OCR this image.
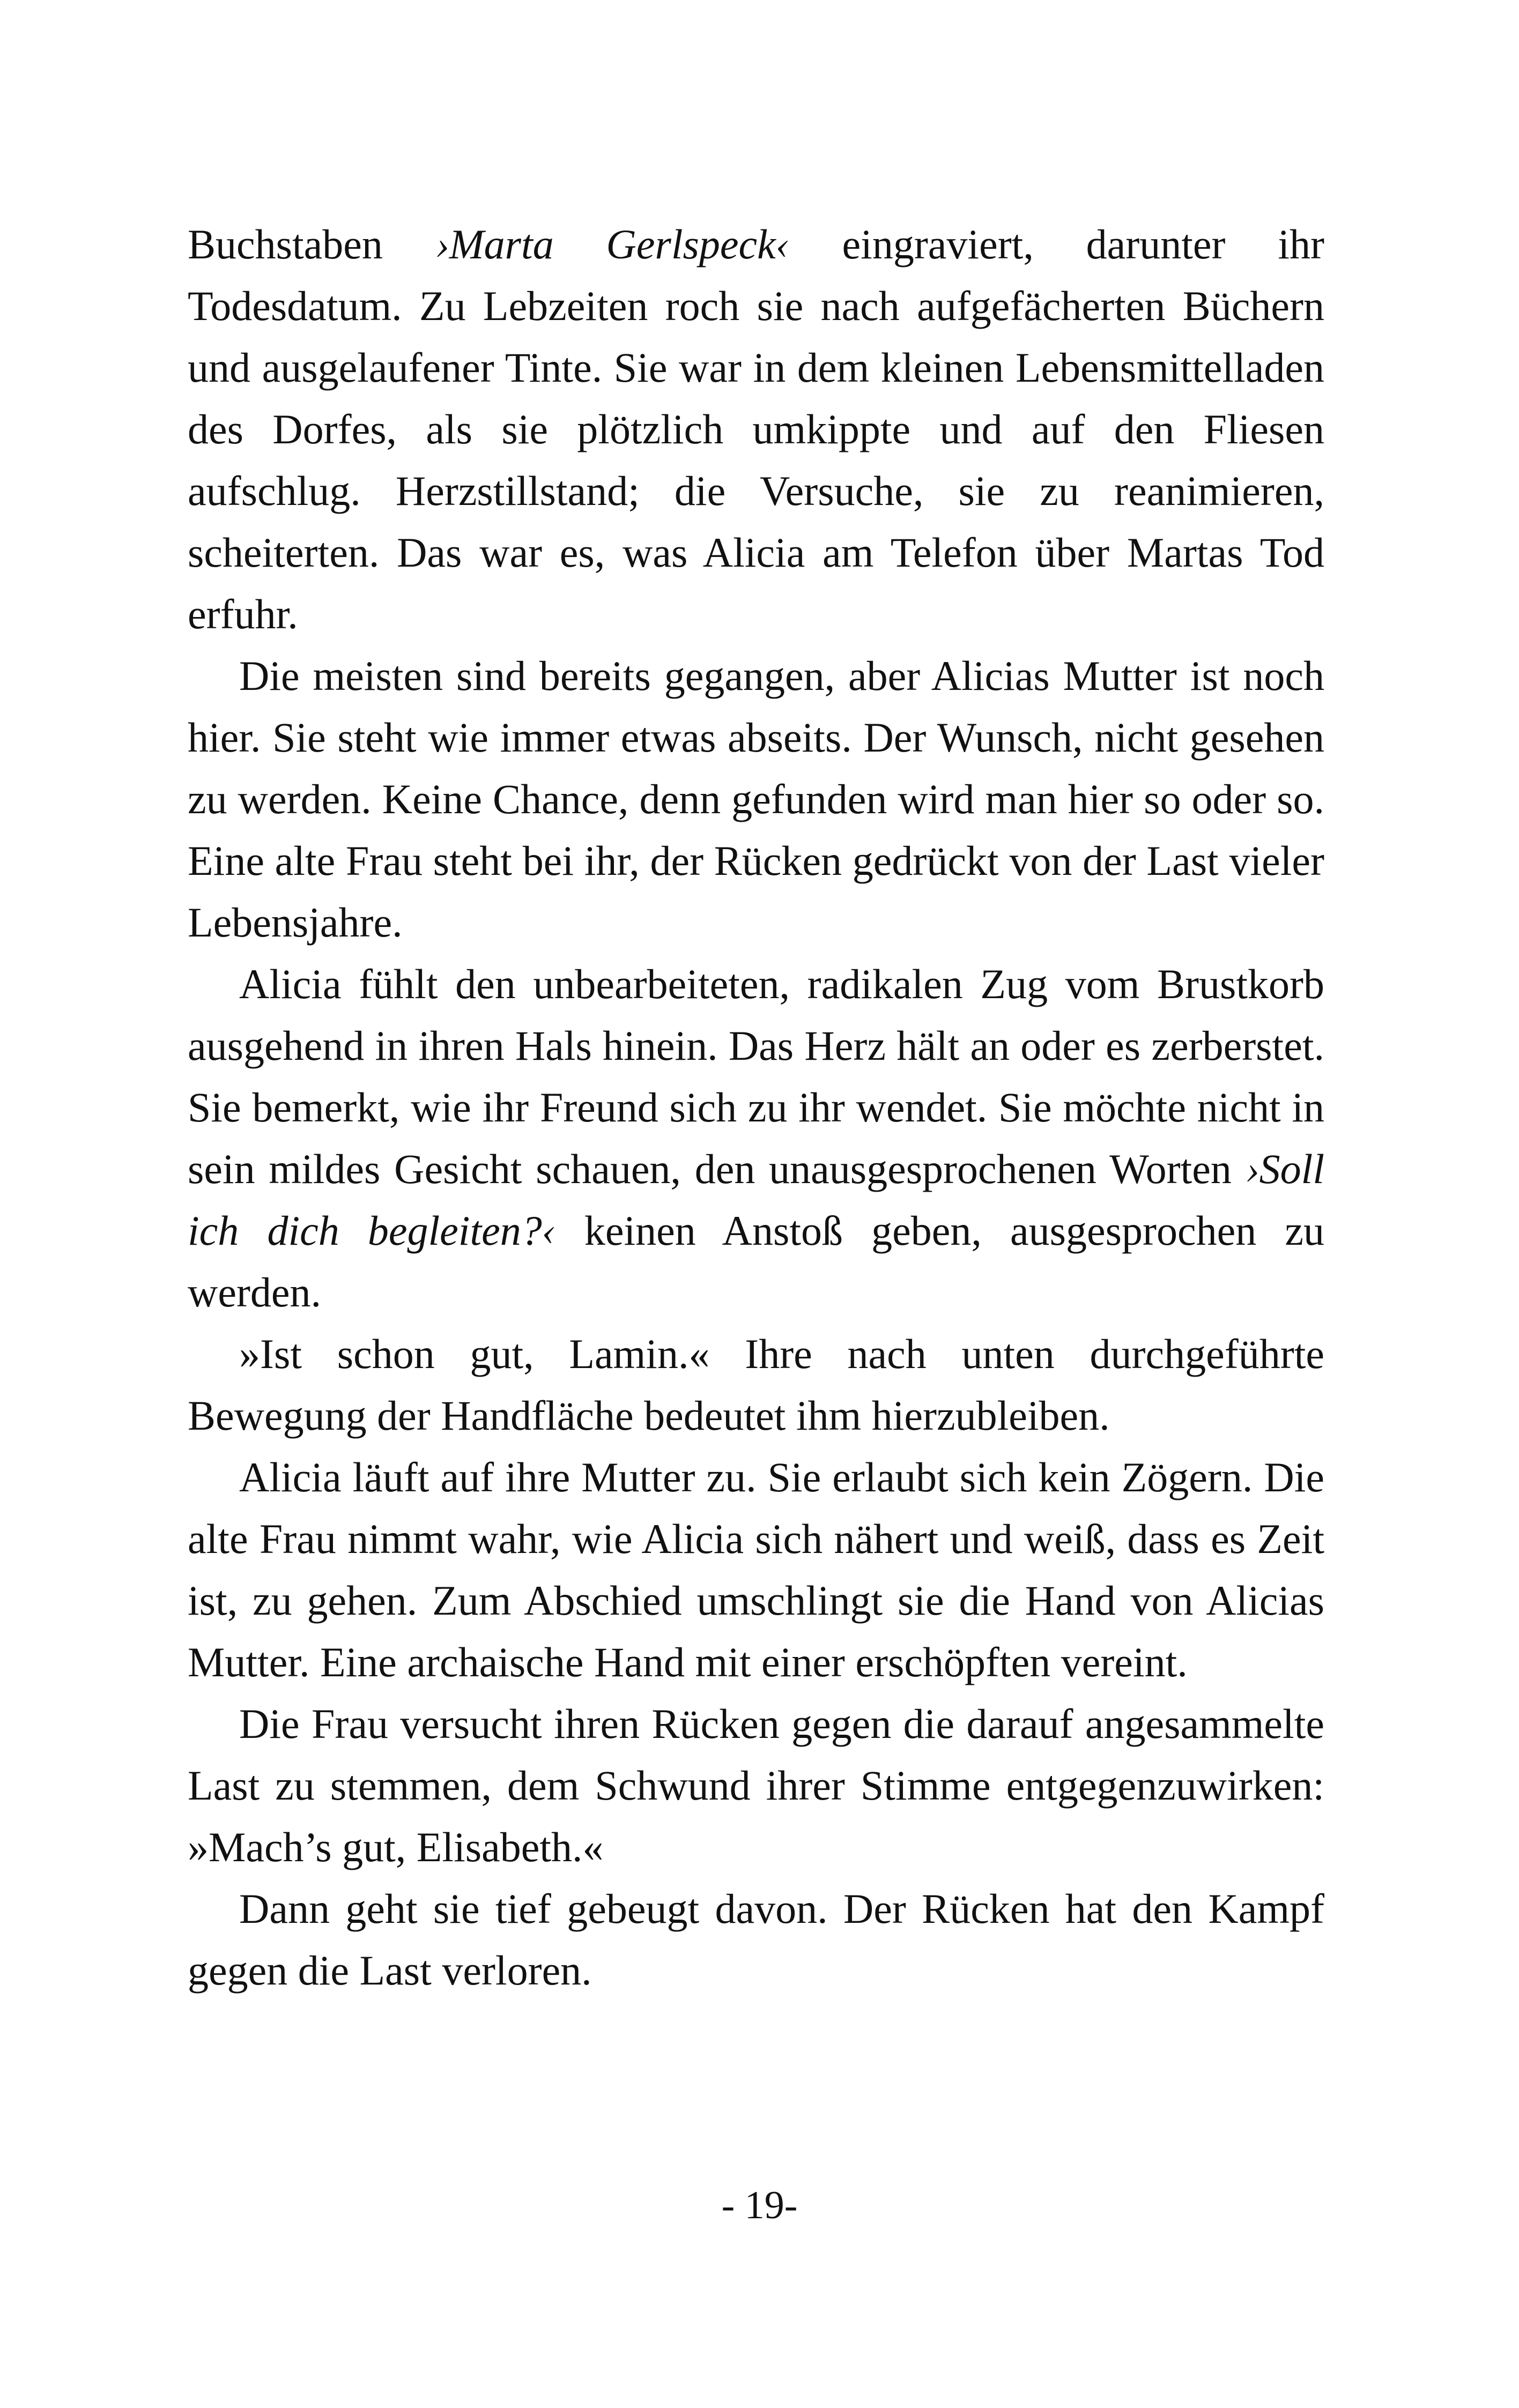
Buchstaben ›Marta Gerlspeck‹ eingraviert, darunter ihr Todesdatum. Zu Lebzeiten roch sie nach aufgefächerten Büchern und ausgelaufener Tinte. Sie war in dem kleinen Lebensmittelladen des Dorfes, als sie plötzlich umkippte und auf den Fliesen aufschlug. Herzstillstand; die Versuche, sie zu reanimieren, scheiterten. Das war es, was Alicia am Telefon über Martas Tod erfuhr.

Die meisten sind bereits gegangen, aber Alicias Mutter ist noch hier. Sie steht wie immer etwas abseits. Der Wunsch, nicht gesehen zu werden. Keine Chance, denn gefunden wird man hier so oder so. Eine alte Frau steht bei ihr, der Rücken gedrückt von der Last vieler Lebensjahre.

Alicia fühlt den unbearbeiteten, radikalen Zug vom Brustkorb ausgehend in ihren Hals hinein. Das Herz hält an oder es zerberstet. Sie bemerkt, wie ihr Freund sich zu ihr wendet. Sie möchte nicht in sein mildes Gesicht schauen, den unausgesprochenen Worten ›Soll ich dich begleiten?‹ keinen Anstoß geben, ausgesprochen zu werden.

»Ist schon gut, Lamin.« Ihre nach unten durchgeführte Bewegung der Handfläche bedeutet ihm hierzubleiben.

Alicia läuft auf ihre Mutter zu. Sie erlaubt sich kein Zögern. Die alte Frau nimmt wahr, wie Alicia sich nähert und weiß, dass es Zeit ist, zu gehen. Zum Abschied umschlingt sie die Hand von Alicias Mutter. Eine archaische Hand mit einer erschöpften vereint.

Die Frau versucht ihren Rücken gegen die darauf angesammelte Last zu stemmen, dem Schwund ihrer Stimme entgegenzuwirken: »Mach’s gut, Elisabeth.«

Dann geht sie tief gebeugt davon. Der Rücken hat den Kampf gegen die Last verloren.

- 19-
